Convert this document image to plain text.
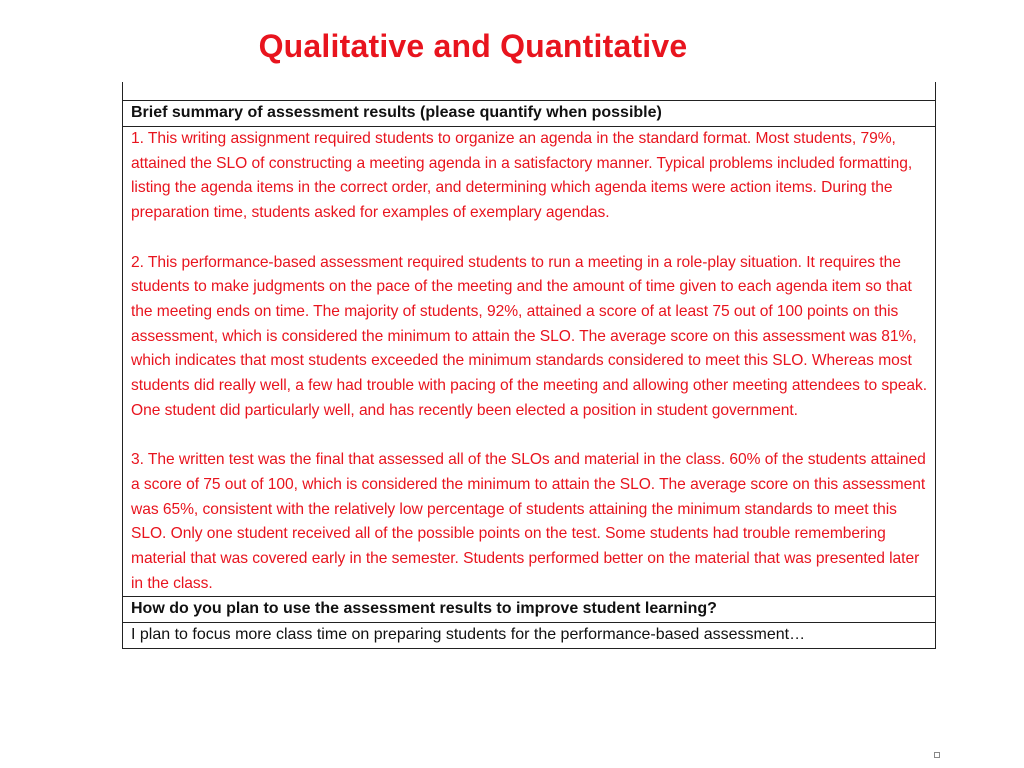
Qualitative and Quantitative
Brief summary of assessment results (please quantify when possible)

1. This writing assignment required students to organize an agenda in the standard format. Most students, 79%, attained the SLO of constructing a meeting agenda in a satisfactory manner. Typical problems included formatting, listing the agenda items in the correct order, and determining which agenda items were action items. During the preparation time, students asked for examples of exemplary agendas.

2. This performance-based assessment required students to run a meeting in a role-play situation. It requires the students to make judgments on the pace of the meeting and the amount of time given to each agenda item so that the meeting ends on time. The majority of students, 92%, attained a score of at least 75 out of 100 points on this assessment, which is considered the minimum to attain the SLO. The average score on this assessment was 81%, which indicates that most students exceeded the minimum standards considered to meet this SLO. Whereas most students did really well, a few had trouble with pacing of the meeting and allowing other meeting attendees to speak. One student did particularly well, and has recently been elected a position in student government.

3. The written test was the final that assessed all of the SLOs and material in the class. 60% of the students attained a score of 75 out of 100, which is considered the minimum to attain the SLO. The average score on this assessment was 65%, consistent with the relatively low percentage of students attaining the minimum standards to meet this SLO. Only one student received all of the possible points on the test. Some students had trouble remembering material that was covered early in the semester. Students performed better on the material that was presented later in the class.

How do you plan to use the assessment results to improve student learning?
I plan to focus more class time on preparing students for the performance-based assessment…
